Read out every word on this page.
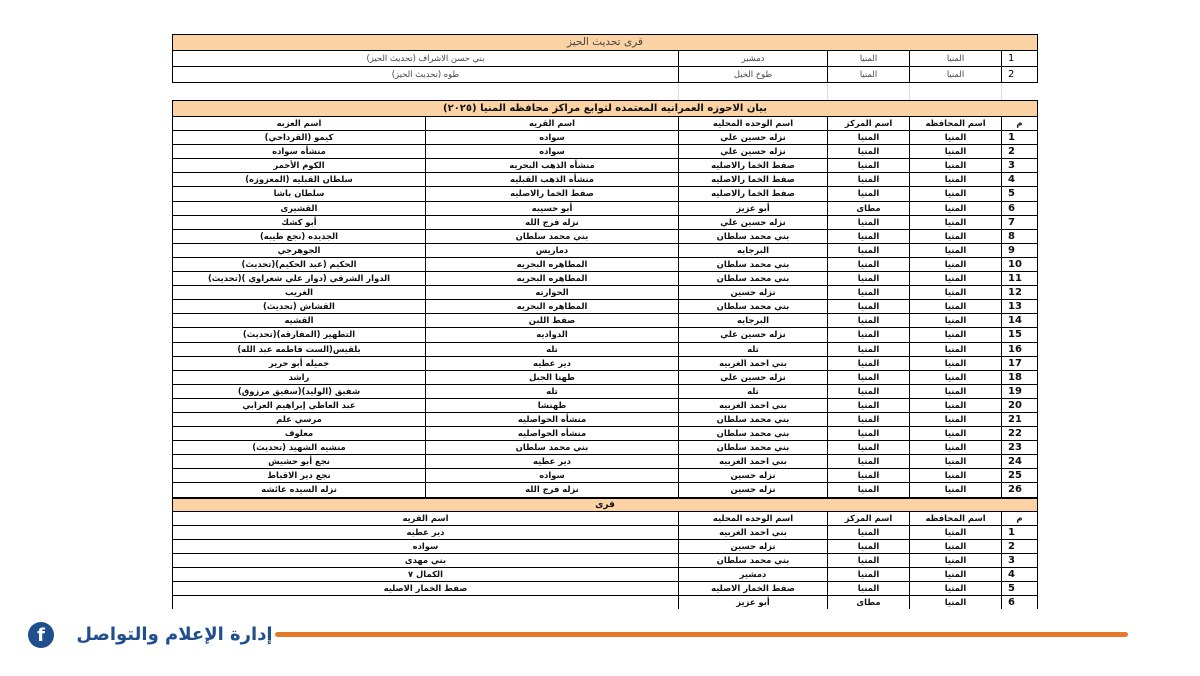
قرى تحديث الحيز				
1	المنيا	المنيا	دمشير	بني حسن الاشراف (تحديث الحيز)
2	المنيا	المنيا	طوخ الخيل	طوه (تحديث الحيز)
بيان الاحوزه العمرانيه المعتمده لتوابع مراكز محافظه المنيا (٢٠٢٥)					
م	اسم المحافظه	اسم المركز	اسم الوحده المحليه	اسم القريه	اسم العزبه
1	المنيا	المنيا	نزله حسين علي	سواده	كيمو (القرداحي)
2	المنيا	المنيا	نزله حسين علي	سواده	منشأه سواده
3	المنيا	المنيا	صفط الخما رالاصليه	منشأه الذهب البحريه	الكوم الأحمر
4	المنيا	المنيا	صفط الخما رالاصليه	منشأه الذهب القبليه	سلطان القبليه (المعزوزه)
5	المنيا	المنيا	صفط الخما رالاصليه	صفط الخما رالاصليه	سلطان باشا
6	المنيا	مطاى	أبو عزيز	أبو حسيبه	القشيرى
7	المنيا	المنيا	نزله حسين علي	نزله فرج الله	أبو كشك
8	المنيا	المنيا	بني محمد سلطان	بني محمد سلطان	الجديده (نجع طيبه)
9	المنيا	المنيا	البرجايه	دماريس	الجوهرجي
10	المنيا	المنيا	بني محمد سلطان	المطاهره البحريه	الحكيم (عبد الحكيم)(تحديث)
11	المنيا	المنيا	بني محمد سلطان	المطاهره البحريه	الدوار الشرقي (دوار علي شعراوي )(تحديث)
12	المنيا	المنيا	نزله حسين	الحوارته	الغريب
13	المنيا	المنيا	بني محمد سلطان	المطاهره البحريه	القشاش (تحديث)
14	المنيا	المنيا	البرجايه	صفط اللبن	القشيه
15	المنيا	المنيا	نزله حسين علي	الدواديه	التطهير (المفارقه)(تحديث)
16	المنيا	المنيا	تله	تله	بلقيس(الست فاطمه عبد الله)
17	المنيا	المنيا	بني احمد الغربيه	دير عطيه	جميله أبو حرير
18	المنيا	المنيا	نزله حسين علي	طهنا الجبل	راشد
19	المنيا	المنيا	تله	تله	شفيق (الوليد)(سفيق مرزوق)
20	المنيا	المنيا	بني احمد الغربيه	طهنشا	عبد العاطي إبراهيم العرابي
21	المنيا	المنيا	بني محمد سلطان	منشأه الحواصليه	مرسي علم
22	المنيا	المنيا	بني محمد سلطان	منشأه الحواصليه	معلوف
23	المنيا	المنيا	بني محمد سلطان	بني محمد سلطان	منشيه الشهيد (تحديث)
24	المنيا	المنيا	بني احمد الغربيه	دير عطيه	نجع أبو حشيش
25	المنيا	المنيا	نزله حسين	سواده	نجع دير الاقباط
26	المنيا	المنيا	نزله حسين	نزله فرج الله	نزله السيده عائشه
قرى				
م	اسم المحافظه	اسم المركز	اسم الوحده المحليه	اسم القريه
1	المنيا	المنيا	بني احمد الغربيه	دير عطيه
2	المنيا	المنيا	نزله حسين	سواده
3	المنيا	المنيا	بني محمد سلطان	بني مهدى
4	المنيا	المنيا	دمشير	الكمال ٧
5	المنيا	المنيا	صفط الخمار الاصليه	صفط الخمار الاصليه
6	المنيا	مطاى	أبو عزيز	
f	إدارة الإعلام والتواصل
